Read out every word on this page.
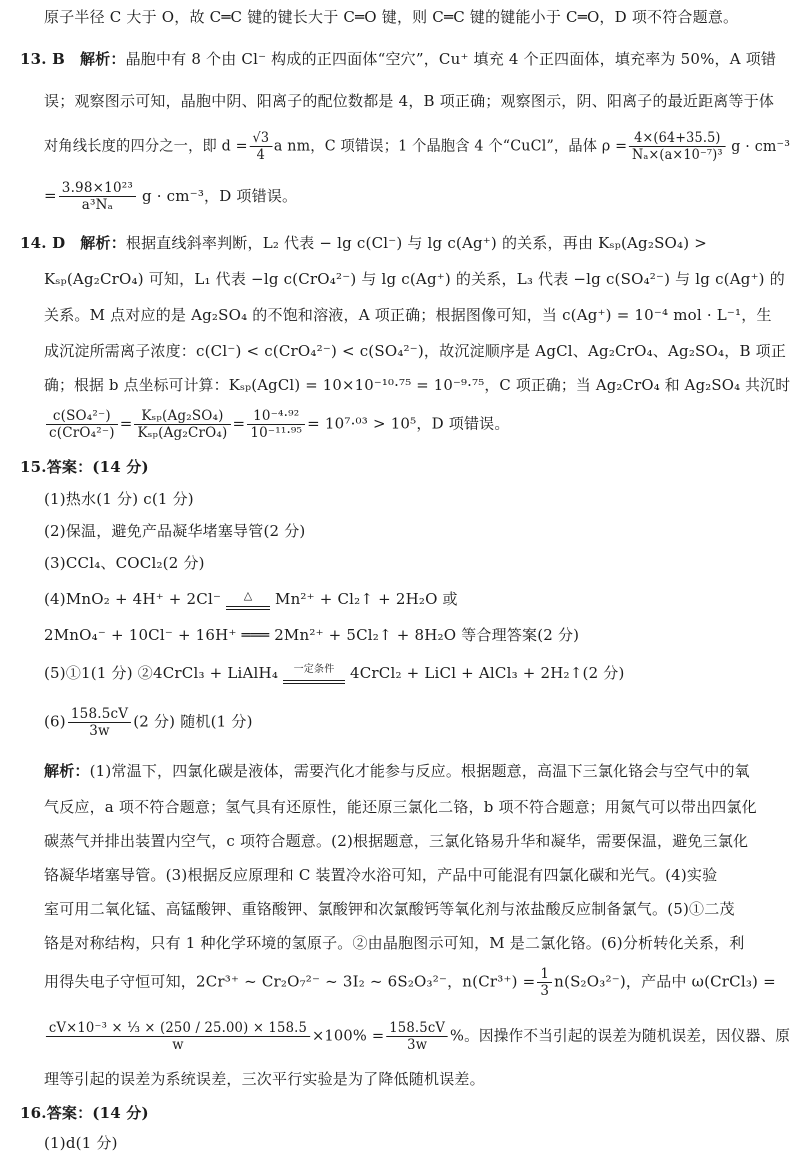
原子半径 C 大于 O，故 C═C 键的键长大于 C═O 键，则 C═C 键的键能小于 C═O，D 项不符合题意。
13. B 解析：晶胞中有 8 个由 Cl⁻ 构成的正四面体“空穴”，Cu⁺ 填充 4 个正四面体，填充率为 50%，A 项错
误；观察图示可知，晶胞中阴、阳离子的配位数都是 4，B 项正确；观察图示，阴、阳离子的最近距离等于体
对角线长度的四分之一，即 $d = \frac{√3}{4}$ a nm，C 项错误；1 个晶胞含 4 个“CuCl”，晶体 $\rho = \frac{4\times(64+35.5)}{\text{Nₐ×(a×10⁻⁷)³}}$ g · cm⁻³
= $\frac{\text{3.98×10²³}}{\text{a³Nₐ}}$ g · cm⁻³，D 项错误。
14. D 解析：根据直线斜率判断，L₂ 代表 − lg c(Cl⁻) 与 lg c(Ag⁺) 的关系，再由 Kₛₚ(Ag₂SO₄) >
Kₛₚ(Ag₂CrO₄) 可知，L₁ 代表 −lg c(CrO₄²⁻) 与 lg c(Ag⁺) 的关系，L₃ 代表 −lg c(SO₄²⁻) 与 lg c(Ag⁺) 的
关系。M 点对应的是 Ag₂SO₄ 的不饱和溶液，A 项正确；根据图像可知，当 c(Ag⁺) = 10⁻⁴ mol · L⁻¹，生
成沉淀所需离子浓度：c(Cl⁻) < c(CrO₄²⁻) < c(SO₄²⁻)，故沉淀顺序是 AgCl、Ag₂CrO₄、Ag₂SO₄，B 项正
确；根据 b 点坐标可计算：Kₛₚ(AgCl) = 10×10⁻¹⁰·⁷⁵ = 10⁻⁹·⁷⁵，C 项正确；当 Ag₂CrO₄ 和 Ag₂SO₄ 共沉时
$\frac{\text{c(SO₄²⁻)}}{\text{c(CrO₄²⁻)}} = \frac{\text{Kₛₚ(Ag₂SO₄)}}{\text{Kₛₚ(Ag₂CrO₄)}} = \frac{\text{10⁻⁴·⁹²}}{\text{10⁻¹¹·⁹⁵}} = 10^7\cdot^{03} > 10^5$，D 项错误。
15.答案：(14 分)
(1)热水(1 分) c(1 分)
(2)保温，避免产品凝华堵塞导管(2 分)
(3)CCl₄、COCl₂(2 分)
(4)MnO₂ + 4H⁺ + 2Cl⁻	△	Mn²⁺ + Cl₂↑ + 2H₂O 或
2MnO₄⁻ + 10Cl⁻ + 16H⁺ ═══ 2Mn²⁺ + 5Cl₂↑ + 8H₂O 等合理答案(2 分)
(5)①1(1 分) ②4CrCl₃ + LiAlH₄	一定条件	4CrCl₂ + LiCl + AlCl₃ + 2H₂↑(2 分)
$(6) \frac{158.5cV}{3w} (2$ 分) 随机(1 分)
解析：(1)常温下，四氯化碳是液体，需要汽化才能参与反应。根据题意，高温下三氯化铬会与空气中的氧
气反应，a 项不符合题意；氢气具有还原性，能还原三氯化二铬，b 项不符合题意；用氮气可以带出四氯化
碳蒸气并排出装置内空气，c 项符合题意。(2)根据题意，三氯化铬易升华和凝华，需要保温，避免三氯化
铬凝华堵塞导管。(3)根据反应原理和 C 装置冷水浴可知，产品中可能混有四氯化碳和光气。(4)实验
室可用二氧化锰、高锰酸钾、重铬酸钾、氯酸钾和次氯酸钙等氧化剂与浓盐酸反应制备氯气。(5)①二茂
铬是对称结构，只有 1 种化学环境的氢原子。②由晶胞图示可知，M 是二氯化铬。(6)分析转化关系，利
用得失电子守恒可知，2Cr³⁺ ~ Cr₂O₇²⁻ ~ 3I₂ ~ 6S₂O₃²⁻，$n(Cr^{3+}) = \frac{1}{3} n(S_2O_3^{2-})$，产品中 ω(CrCl₃) =
$\frac{\text{cV×10⁻³ × ⅓ × (250 / 25.00) × 158.5}}{w} \times 100\% = \frac{158.5cV}{3w}$ %。因操作不当引起的误差为随机误差，因仪器、原
理等引起的误差为系统误差，三次平行实验是为了降低随机误差。
16.答案：(14 分)
(1)d(1 分)
